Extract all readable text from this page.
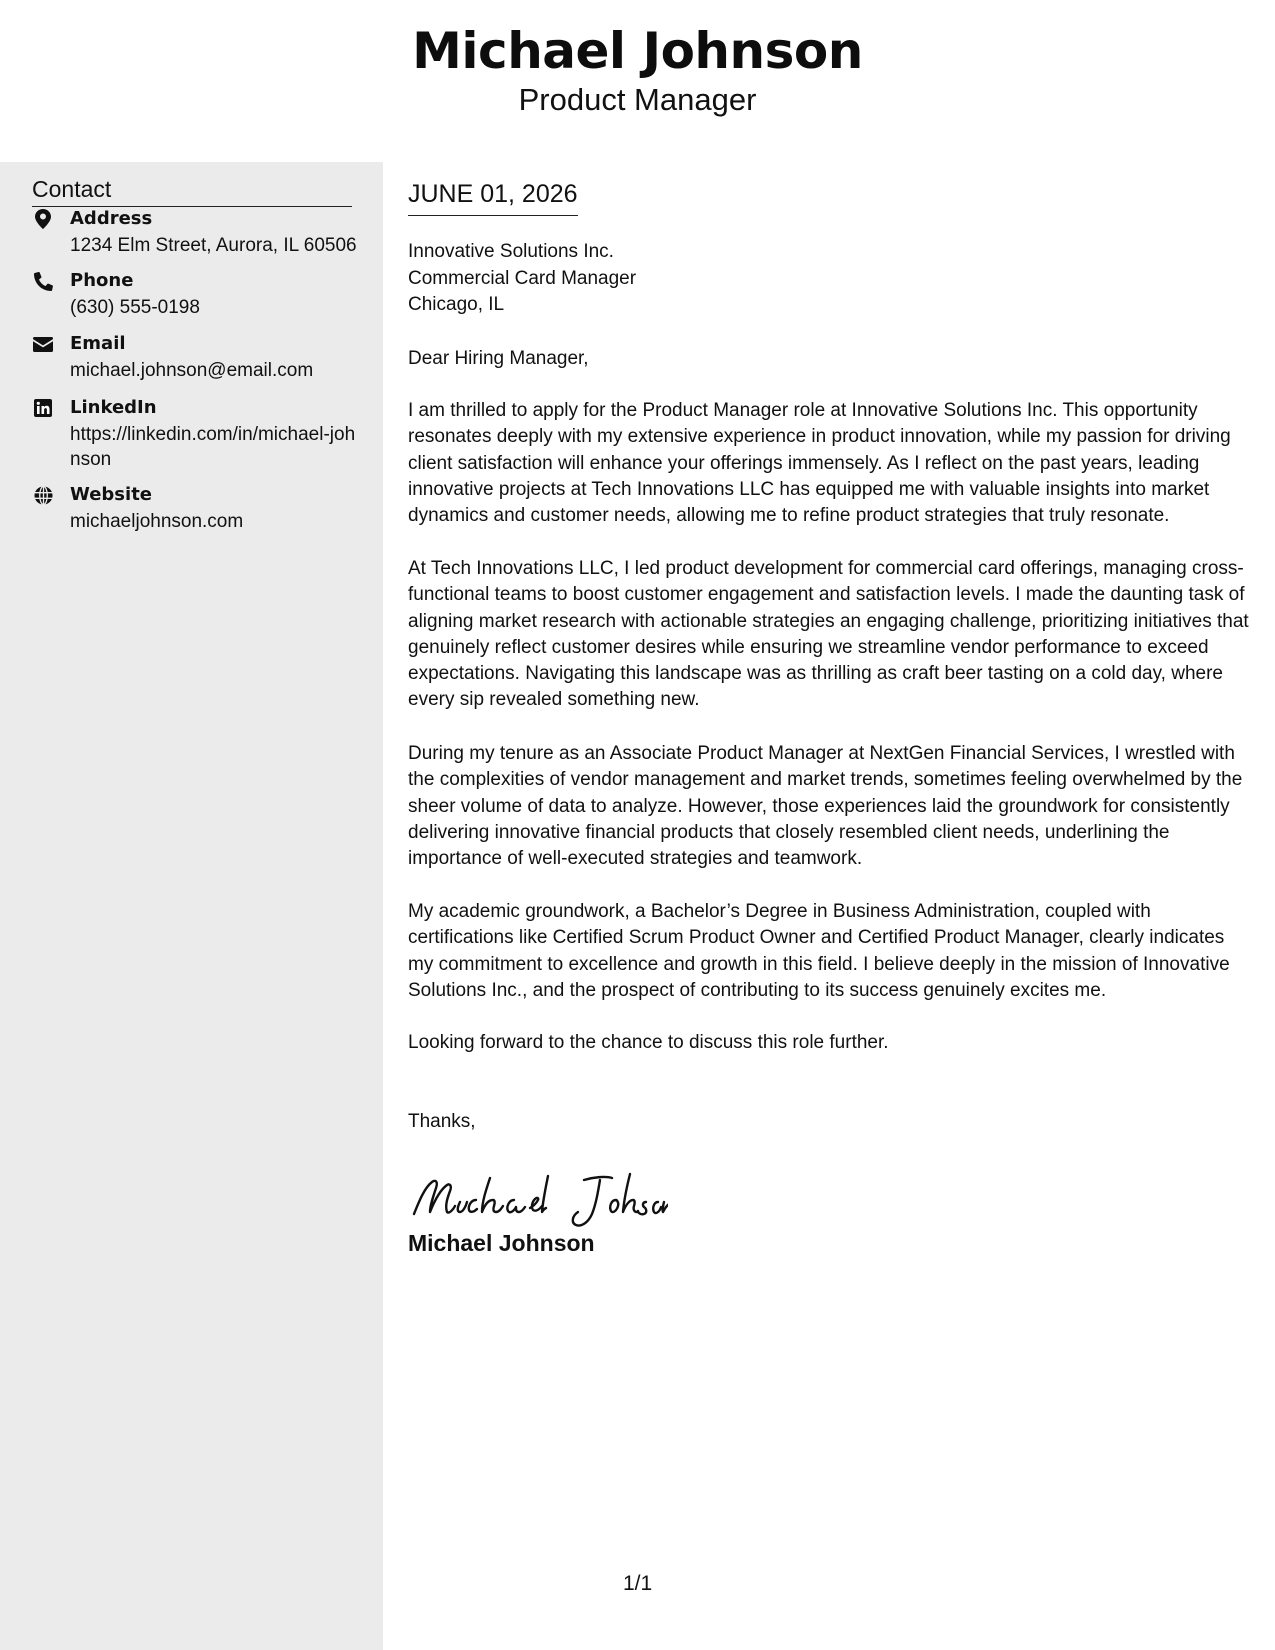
Michael Johnson
Product Manager
Contact
Address
1234 Elm Street, Aurora, IL 60506
Phone
(630) 555-0198
Email
michael.johnson@email.com
LinkedIn
https://linkedin.com/in/michael-johnson
Website
michaeljohnson.com
JUNE 01, 2026
Innovative Solutions Inc.
Commercial Card Manager
Chicago, IL
Dear Hiring Manager,

I am thrilled to apply for the Product Manager role at Innovative Solutions Inc. This opportunity resonates deeply with my extensive experience in product innovation, while my passion for driving client satisfaction will enhance your offerings immensely. As I reflect on the past years, leading innovative projects at Tech Innovations LLC has equipped me with valuable insights into market dynamics and customer needs, allowing me to refine product strategies that truly resonate.

At Tech Innovations LLC, I led product development for commercial card offerings, managing cross-functional teams to boost customer engagement and satisfaction levels. I made the daunting task of aligning market research with actionable strategies an engaging challenge, prioritizing initiatives that genuinely reflect customer desires while ensuring we streamline vendor performance to exceed expectations. Navigating this landscape was as thrilling as craft beer tasting on a cold day, where every sip revealed something new.

During my tenure as an Associate Product Manager at NextGen Financial Services, I wrestled with the complexities of vendor management and market trends, sometimes feeling overwhelmed by the sheer volume of data to analyze. However, those experiences laid the groundwork for consistently delivering innovative financial products that closely resembled client needs, underlining the importance of well-executed strategies and teamwork.

My academic groundwork, a Bachelor’s Degree in Business Administration, coupled with certifications like Certified Scrum Product Owner and Certified Product Manager, clearly indicates my commitment to excellence and growth in this field. I believe deeply in the mission of Innovative Solutions Inc., and the prospect of contributing to its success genuinely excites me.

Looking forward to the chance to discuss this role further.
Thanks,
Michael Johnson
1/1
